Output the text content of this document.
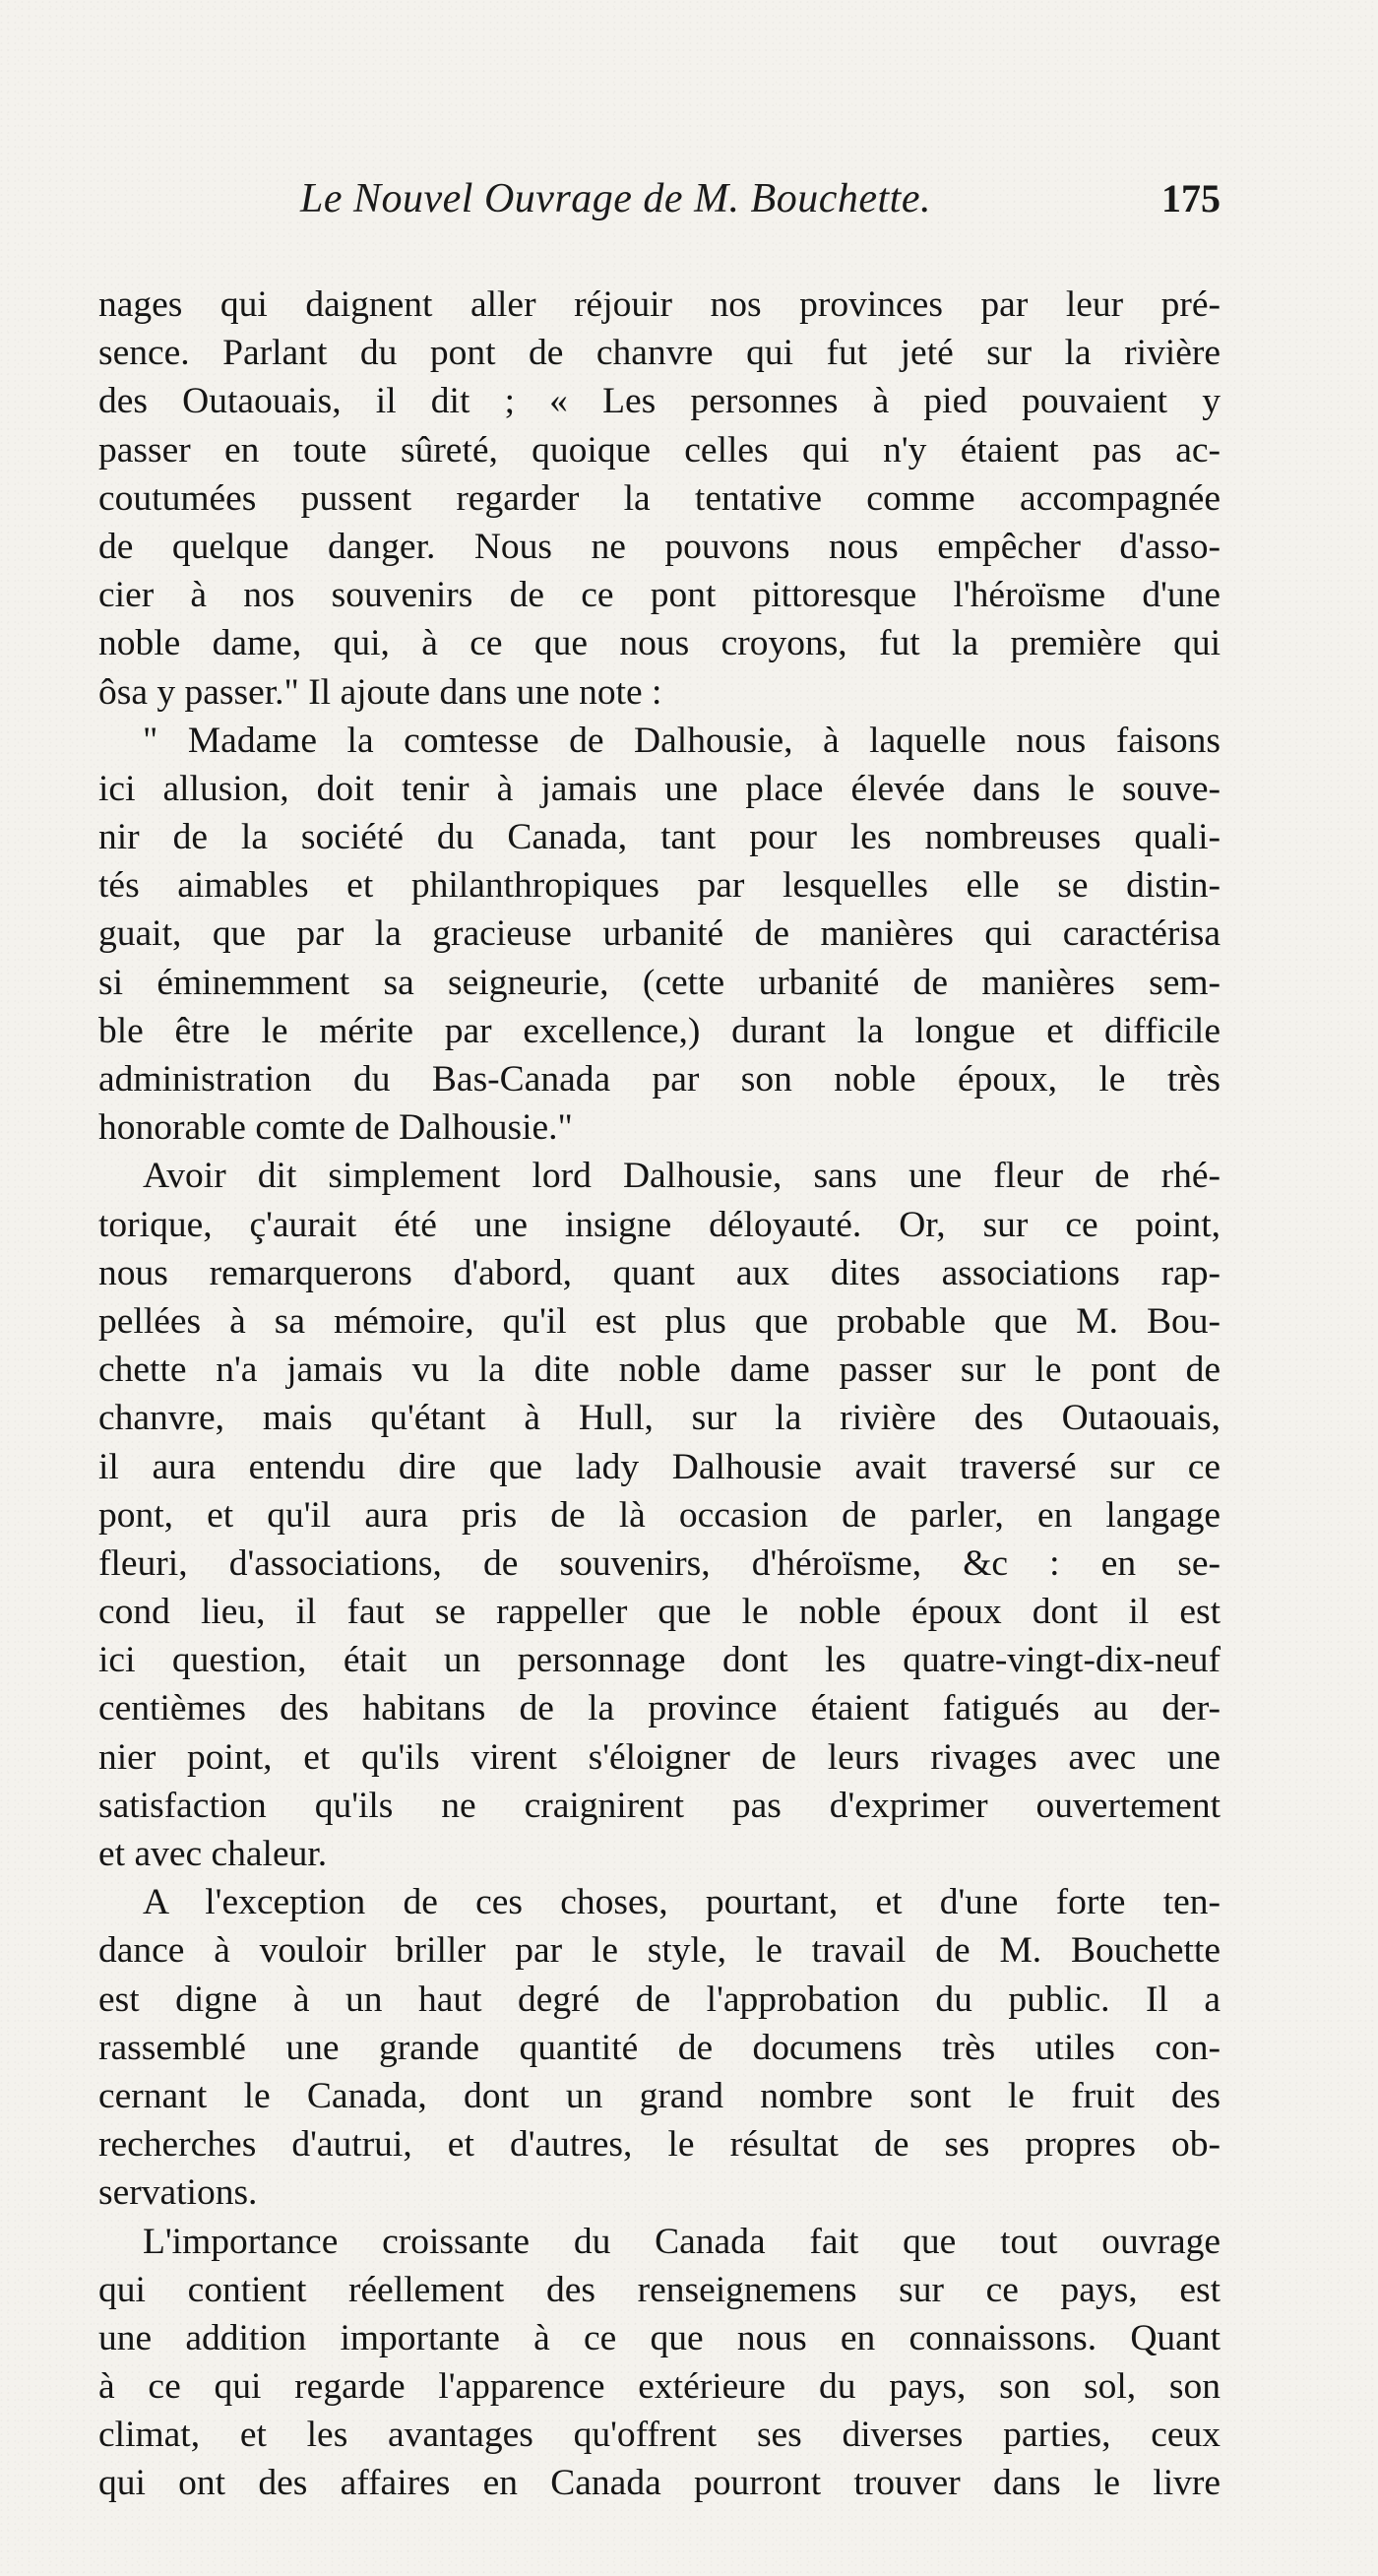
Le Nouvel Ouvrage de M. Bouchette.	175

nages qui daignent aller réjouir nos provinces par leur pré-
sence. Parlant du pont de chanvre qui fut jeté sur la rivière
des Outaouais, il dit ; « Les personnes à pied pouvaient y
passer en toute sûreté, quoique celles qui n'y étaient pas ac-
coutumées pussent regarder la tentative comme accompagnée
de quelque danger. Nous ne pouvons nous empêcher d'asso-
cier à nos souvenirs de ce pont pittoresque l'héroïsme d'une
noble dame, qui, à ce que nous croyons, fut la première qui
ôsa y passer." Il ajoute dans une note :

" Madame la comtesse de Dalhousie, à laquelle nous faisons
ici allusion, doit tenir à jamais une place élevée dans le souve-
nir de la société du Canada, tant pour les nombreuses quali-
tés aimables et philanthropiques par lesquelles elle se distin-
guait, que par la gracieuse urbanité de manières qui caractérisa
si éminemment sa seigneurie, (cette urbanité de manières sem-
ble être le mérite par excellence,) durant la longue et difficile
administration du Bas-Canada par son noble époux, le très
honorable comte de Dalhousie."

Avoir dit simplement lord Dalhousie, sans une fleur de rhé-
torique, ç'aurait été une insigne déloyauté. Or, sur ce point,
nous remarquerons d'abord, quant aux dites associations rap-
pellées à sa mémoire, qu'il est plus que probable que M. Bou-
chette n'a jamais vu la dite noble dame passer sur le pont de
chanvre, mais qu'étant à Hull, sur la rivière des Outaouais,
il aura entendu dire que lady Dalhousie avait traversé sur ce
pont, et qu'il aura pris de là occasion de parler, en langage
fleuri, d'associations, de souvenirs, d'héroïsme, &c : en se-
cond lieu, il faut se rappeller que le noble époux dont il est
ici question, était un personnage dont les quatre-vingt-dix-neuf
centièmes des habitans de la province étaient fatigués au der-
nier point, et qu'ils virent s'éloigner de leurs rivages avec une
satisfaction qu'ils ne craignirent pas d'exprimer ouvertement
et avec chaleur.

A l'exception de ces choses, pourtant, et d'une forte ten-
dance à vouloir briller par le style, le travail de M. Bouchette
est digne à un haut degré de l'approbation du public. Il a
rassemblé une grande quantité de documens très utiles con-
cernant le Canada, dont un grand nombre sont le fruit des
recherches d'autrui, et d'autres, le résultat de ses propres ob-
servations.

L'importance croissante du Canada fait que tout ouvrage
qui contient réellement des renseignemens sur ce pays, est
une addition importante à ce que nous en connaissons. Quant
à ce qui regarde l'apparence extérieure du pays, son sol, son
climat, et les avantages qu'offrent ses diverses parties, ceux
qui ont des affaires en Canada pourront trouver dans le livre
